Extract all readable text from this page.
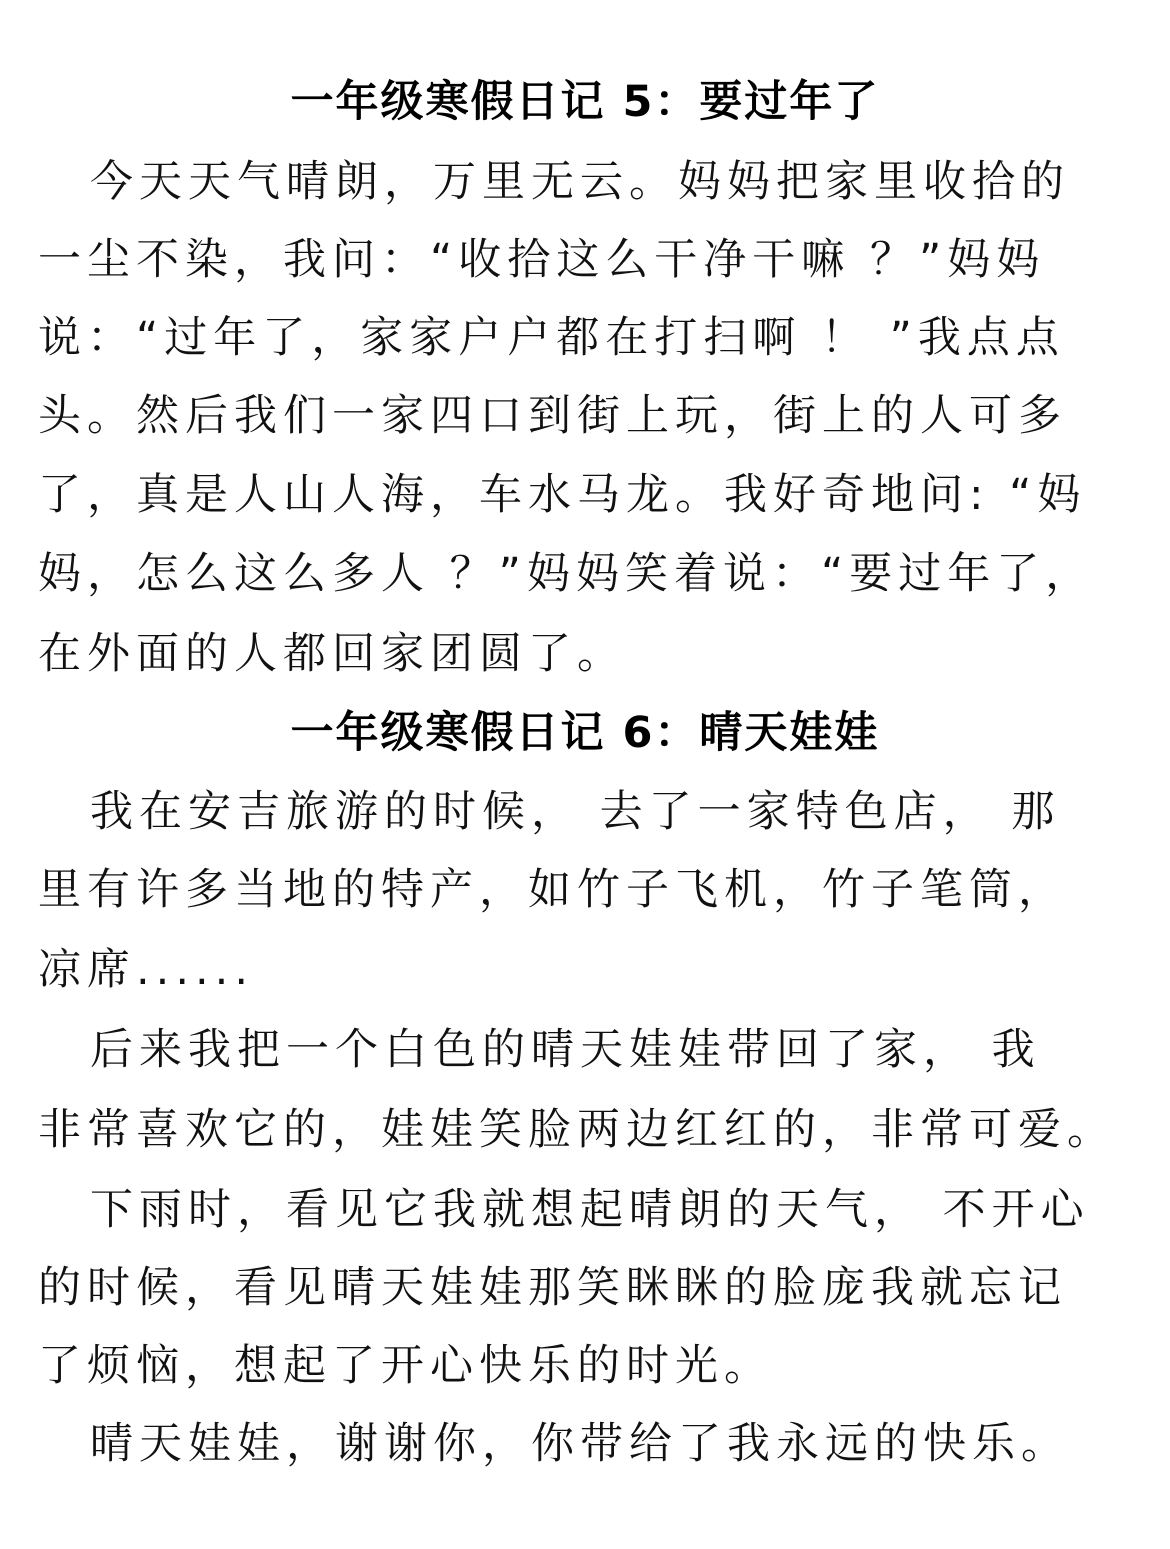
一年级寒假日记 5：要过年了
今天天气晴朗，万里无云。妈妈把家里收拾的
一尘不染，我问：“收拾这么干净干嘛 ？”妈妈
说：“过年了，家家户户都在打扫啊 ！ ”我点点
头。然后我们一家四口到街上玩，街上的人可多
了，真是人山人海，车水马龙。我好奇地问: “妈
妈，怎么这么多人 ？”妈妈笑着说：“要过年了，
在外面的人都回家团圆了。
一年级寒假日记 6：晴天娃娃
我在安吉旅游的时候， 去了一家特色店， 那
里有许多当地的特产，如竹子飞机，竹子笔筒，
凉席......
后来我把一个白色的晴天娃娃带回了家， 我
非常喜欢它的，娃娃笑脸两边红红的，非常可爱。
下雨时，看见它我就想起晴朗的天气， 不开心
的时候，看见晴天娃娃那笑眯眯的脸庞我就忘记
了烦恼，想起了开心快乐的时光。
晴天娃娃，谢谢你，你带给了我永远的快乐。
